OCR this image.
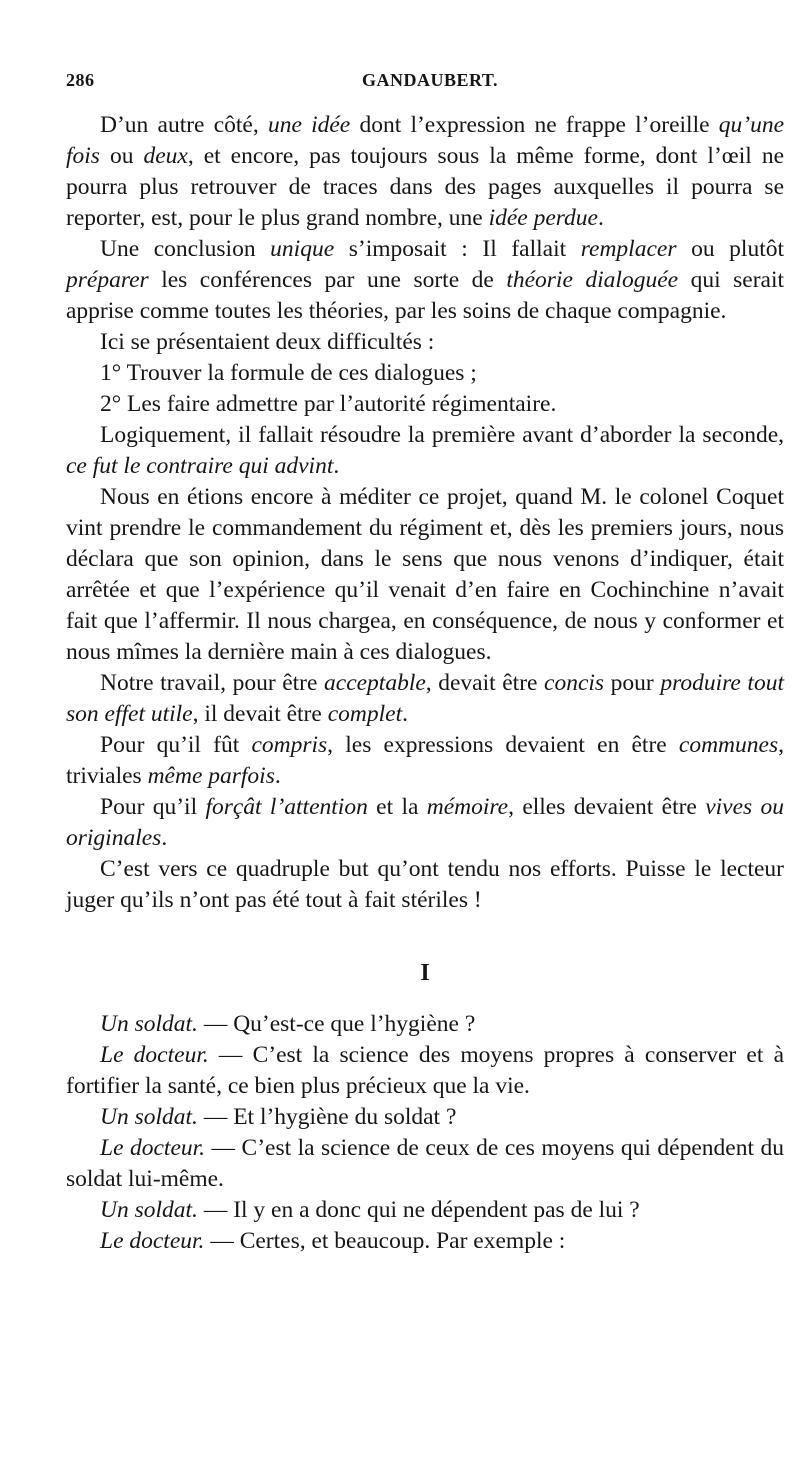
286	GANDAUBERT.

D’un autre côté, une idée dont l’expression ne frappe l’oreille qu’une fois ou deux, et encore, pas toujours sous la même forme, dont l’œil ne pourra plus retrouver de traces dans des pages auxquelles il pourra se reporter, est, pour le plus grand nombre, une idée perdue.

Une conclusion unique s’imposait : Il fallait remplacer ou plutôt préparer les conférences par une sorte de théorie dialoguée qui serait apprise comme toutes les théories, par les soins de chaque compagnie.

Ici se présentaient deux difficultés :

1° Trouver la formule de ces dialogues ;

2° Les faire admettre par l’autorité régimentaire.

Logiquement, il fallait résoudre la première avant d’aborder la seconde, ce fut le contraire qui advint.

Nous en étions encore à méditer ce projet, quand M. le colonel Coquet vint prendre le commandement du régiment et, dès les premiers jours, nous déclara que son opinion, dans le sens que nous venons d’indiquer, était arrêtée et que l’expérience qu’il venait d’en faire en Cochinchine n’avait fait que l’affermir. Il nous chargea, en conséquence, de nous y conformer et nous mîmes la dernière main à ces dialogues.

Notre travail, pour être acceptable, devait être concis pour produire tout son effet utile, il devait être complet.

Pour qu’il fût compris, les expressions devaient en être communes, triviales même parfois.

Pour qu’il forçât l’attention et la mémoire, elles devaient être vives ou originales.

C’est vers ce quadruple but qu’ont tendu nos efforts. Puisse le lecteur juger qu’ils n’ont pas été tout à fait stériles !

I

Un soldat. — Qu’est-ce que l’hygiène ?

Le docteur. — C’est la science des moyens propres à conserver et à fortifier la santé, ce bien plus précieux que la vie.

Un soldat. — Et l’hygiène du soldat ?

Le docteur. — C’est la science de ceux de ces moyens qui dépendent du soldat lui-même.

Un soldat. — Il y en a donc qui ne dépendent pas de lui ?

Le docteur. — Certes, et beaucoup. Par exemple :
